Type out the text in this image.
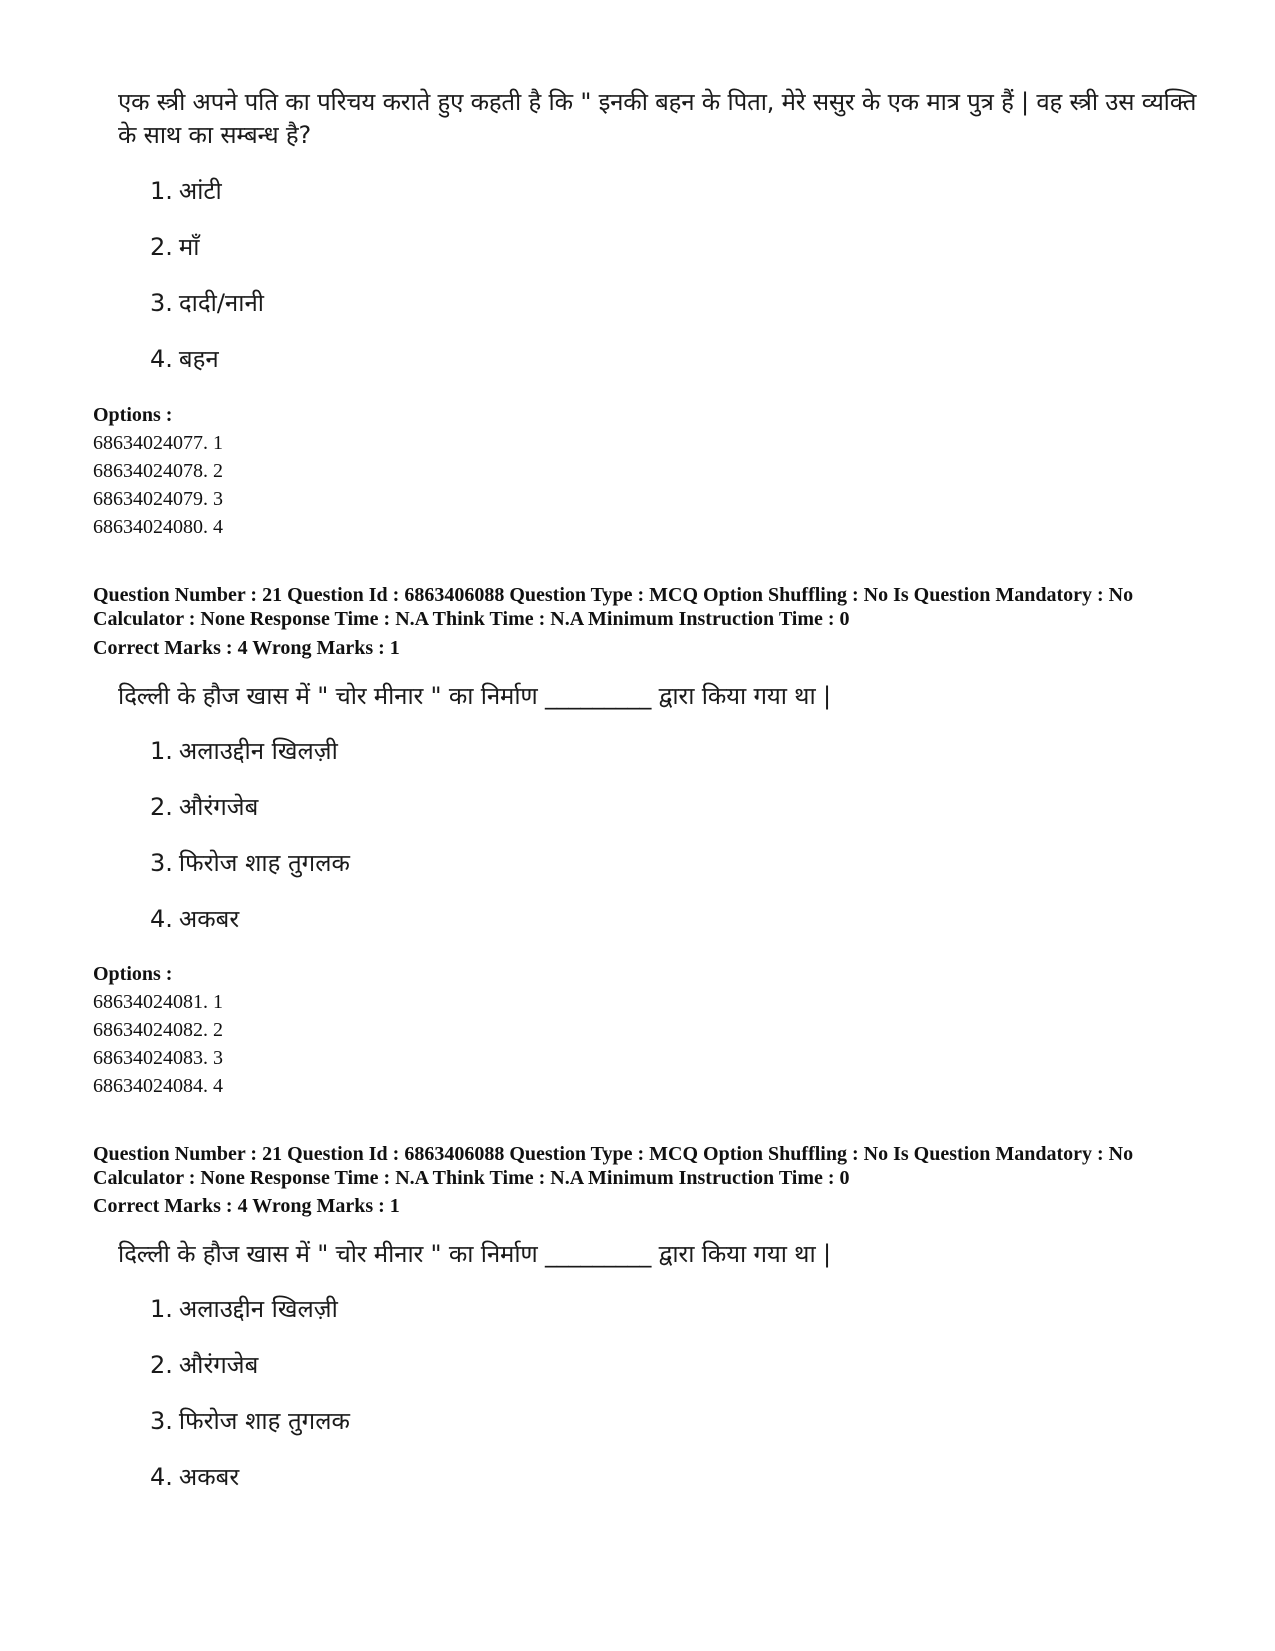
एक स्त्री अपने पति का परिचय कराते हुए कहती है कि " इनकी बहन के पिता, मेरे ससुर के एक मात्र पुत्र हैं | वह स्त्री उस व्यक्ति के साथ का सम्बन्ध है?
1. आंटी
2. माँ
3. दादी/नानी
4. बहन
Options :
68634024077. 1
68634024078. 2
68634024079. 3
68634024080. 4
Question Number : 21 Question Id : 6863406088 Question Type : MCQ Option Shuffling : No Is Question Mandatory : No Calculator : None Response Time : N.A Think Time : N.A Minimum Instruction Time : 0
Correct Marks : 4 Wrong Marks : 1
दिल्ली के हौज खास में " चोर मीनार " का निर्माण _________ द्वारा किया गया था |
1. अलाउद्दीन खिलज़ी
2. औरंगजेब
3. फिरोज शाह तुगलक
4. अकबर
Options :
68634024081. 1
68634024082. 2
68634024083. 3
68634024084. 4
Question Number : 21 Question Id : 6863406088 Question Type : MCQ Option Shuffling : No Is Question Mandatory : No Calculator : None Response Time : N.A Think Time : N.A Minimum Instruction Time : 0
Correct Marks : 4 Wrong Marks : 1
दिल्ली के हौज खास में " चोर मीनार " का निर्माण _________ द्वारा किया गया था |
1. अलाउद्दीन खिलज़ी
2. औरंगजेब
3. फिरोज शाह तुगलक
4. अकबर
